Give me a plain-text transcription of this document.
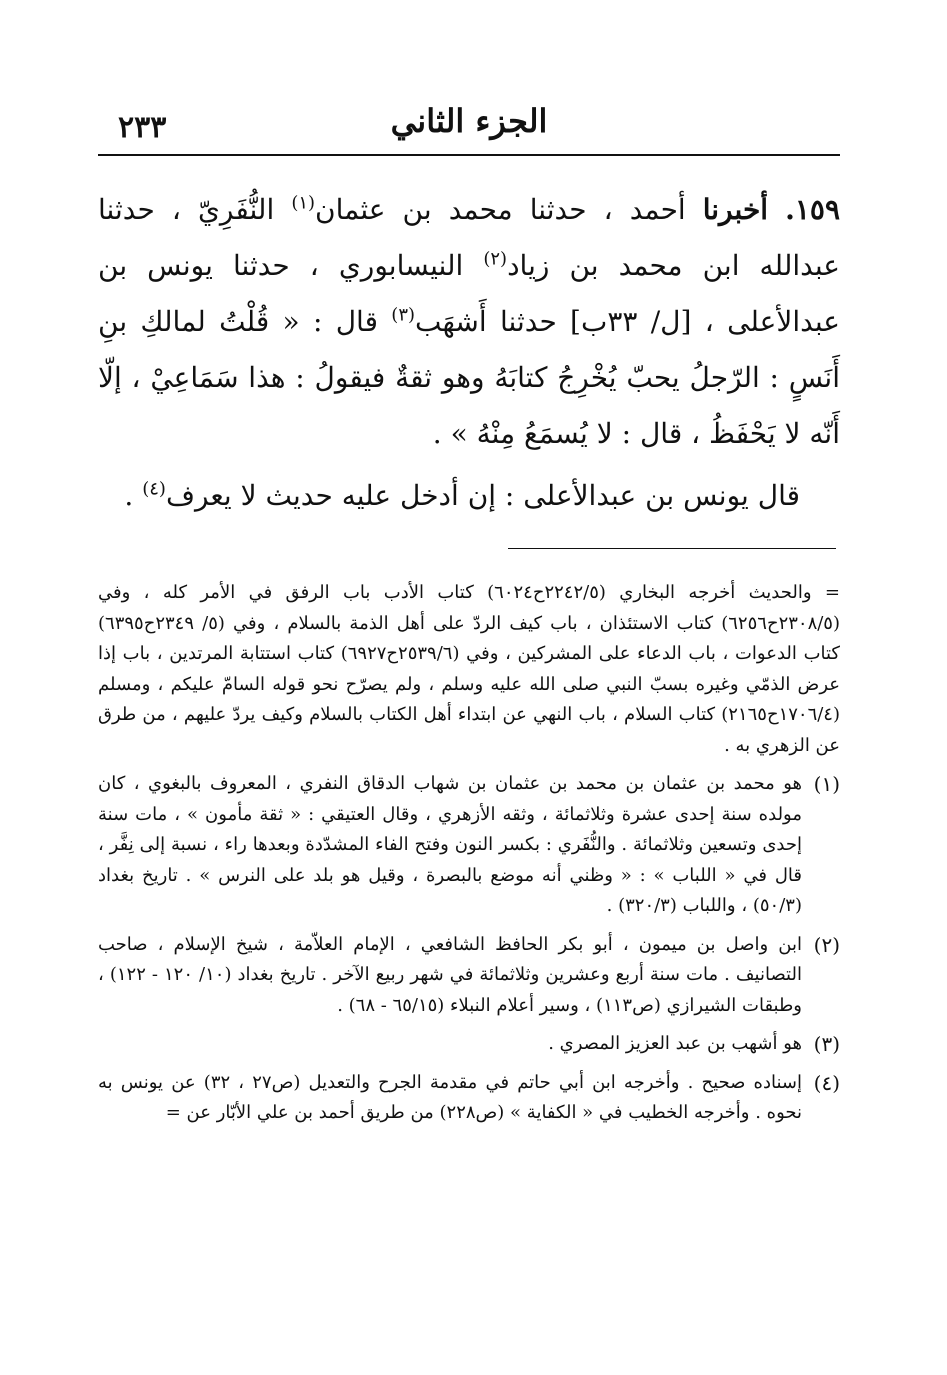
٢٣٣	الجزء الثاني

١٥٩. أخبرنا أحمد ، حدثنا محمد بن عثمان$^{(١)}$ النُّفَرِيّ ، حدثنا عبدالله ابن محمد بن زياد$^{(٢)}$ النيسابوري ، حدثنا يونس بن عبدالأعلى ، [ل/ ٣٣ب] حدثنا أَشهَب$^{(٣)}$ قال : « قُلْتُ لمالكِ بنِ أَنَسٍ : الرّجلُ يحبّ يُخْرِجُ كتابَهُ وهو ثقةٌ فيقولُ : هذا سَمَاعِيْ ، إلّا أَنّه لا يَحْفَظُ ، قال : لا يُسمَعُ مِنْهُ » .

قال يونس بن عبدالأعلى : إن أدخل عليه حديث لا يعرف$^{(٤)}$ .

= والحديث أخرجه البخاري (٢٢٤٢/٥ح٦٠٢٤) كتاب الأدب باب الرفق في الأمر كله ، وفي (٢٣٠٨/٥ح٦٢٥٦) كتاب الاستئذان ، باب كيف الردّ على أهل الذمة بالسلام ، وفي (٥/ ٢٣٤٩ح٦٣٩٥) كتاب الدعوات ، باب الدعاء على المشركين ، وفي (٢٥٣٩/٦ح٦٩٢٧) كتاب استتابة المرتدين ، باب إذا عرض الذمّي وغيره بسبّ النبي صلى الله عليه وسلم ، ولم يصرّح نحو قوله السامّ عليكم ، ومسلم (١٧٠٦/٤ح٢١٦٥) كتاب السلام ، باب النهي عن ابتداء أهل الكتاب بالسلام وكيف يردّ عليهم ، من طرق عن الزهري به .

(١)
هو محمد بن عثمان بن محمد بن عثمان بن شهاب الدقاق النفري ، المعروف بالبغوي ، كان مولده سنة إحدى عشرة وثلاثمائة ، وثقه الأزهري ، وقال العتيقي : « ثقة مأمون » ، مات سنة إحدى وتسعين وثلاثمائة . والنُّفَري : بكسر النون وفتح الفاء المشدّدة وبعدها راء ، نسبة إلى نِفَّر ، قال في « اللباب » : « وظني أنه موضع بالبصرة ، وقيل هو بلد على النرس » . تاريخ بغداد (٥٠/٣) ، واللباب (٣٢٠/٣) .
(٢)
ابن واصل بن ميمون ، أبو بكر الحافظ الشافعي ، الإمام العلاّمة ، شيخ الإسلام ، صاحب التصانيف . مات سنة أربع وعشرين وثلاثمائة في شهر ربيع الآخر . تاريخ بغداد (١٠/ ١٢٠ - ١٢٢) ، وطبقات الشيرازي (ص١١٣) ، وسير أعلام النبلاء (٦٥/١٥ - ٦٨) .
(٣)
هو أشهب بن عبد العزيز المصري .
(٤)
إسناده صحيح . وأخرجه ابن أبي حاتم في مقدمة الجرح والتعديل (ص٢٧ ، ٣٢) عن يونس به نحوه . وأخرجه الخطيب في « الكفاية » (ص٢٢٨) من طريق أحمد بن علي الأبّار عن =
